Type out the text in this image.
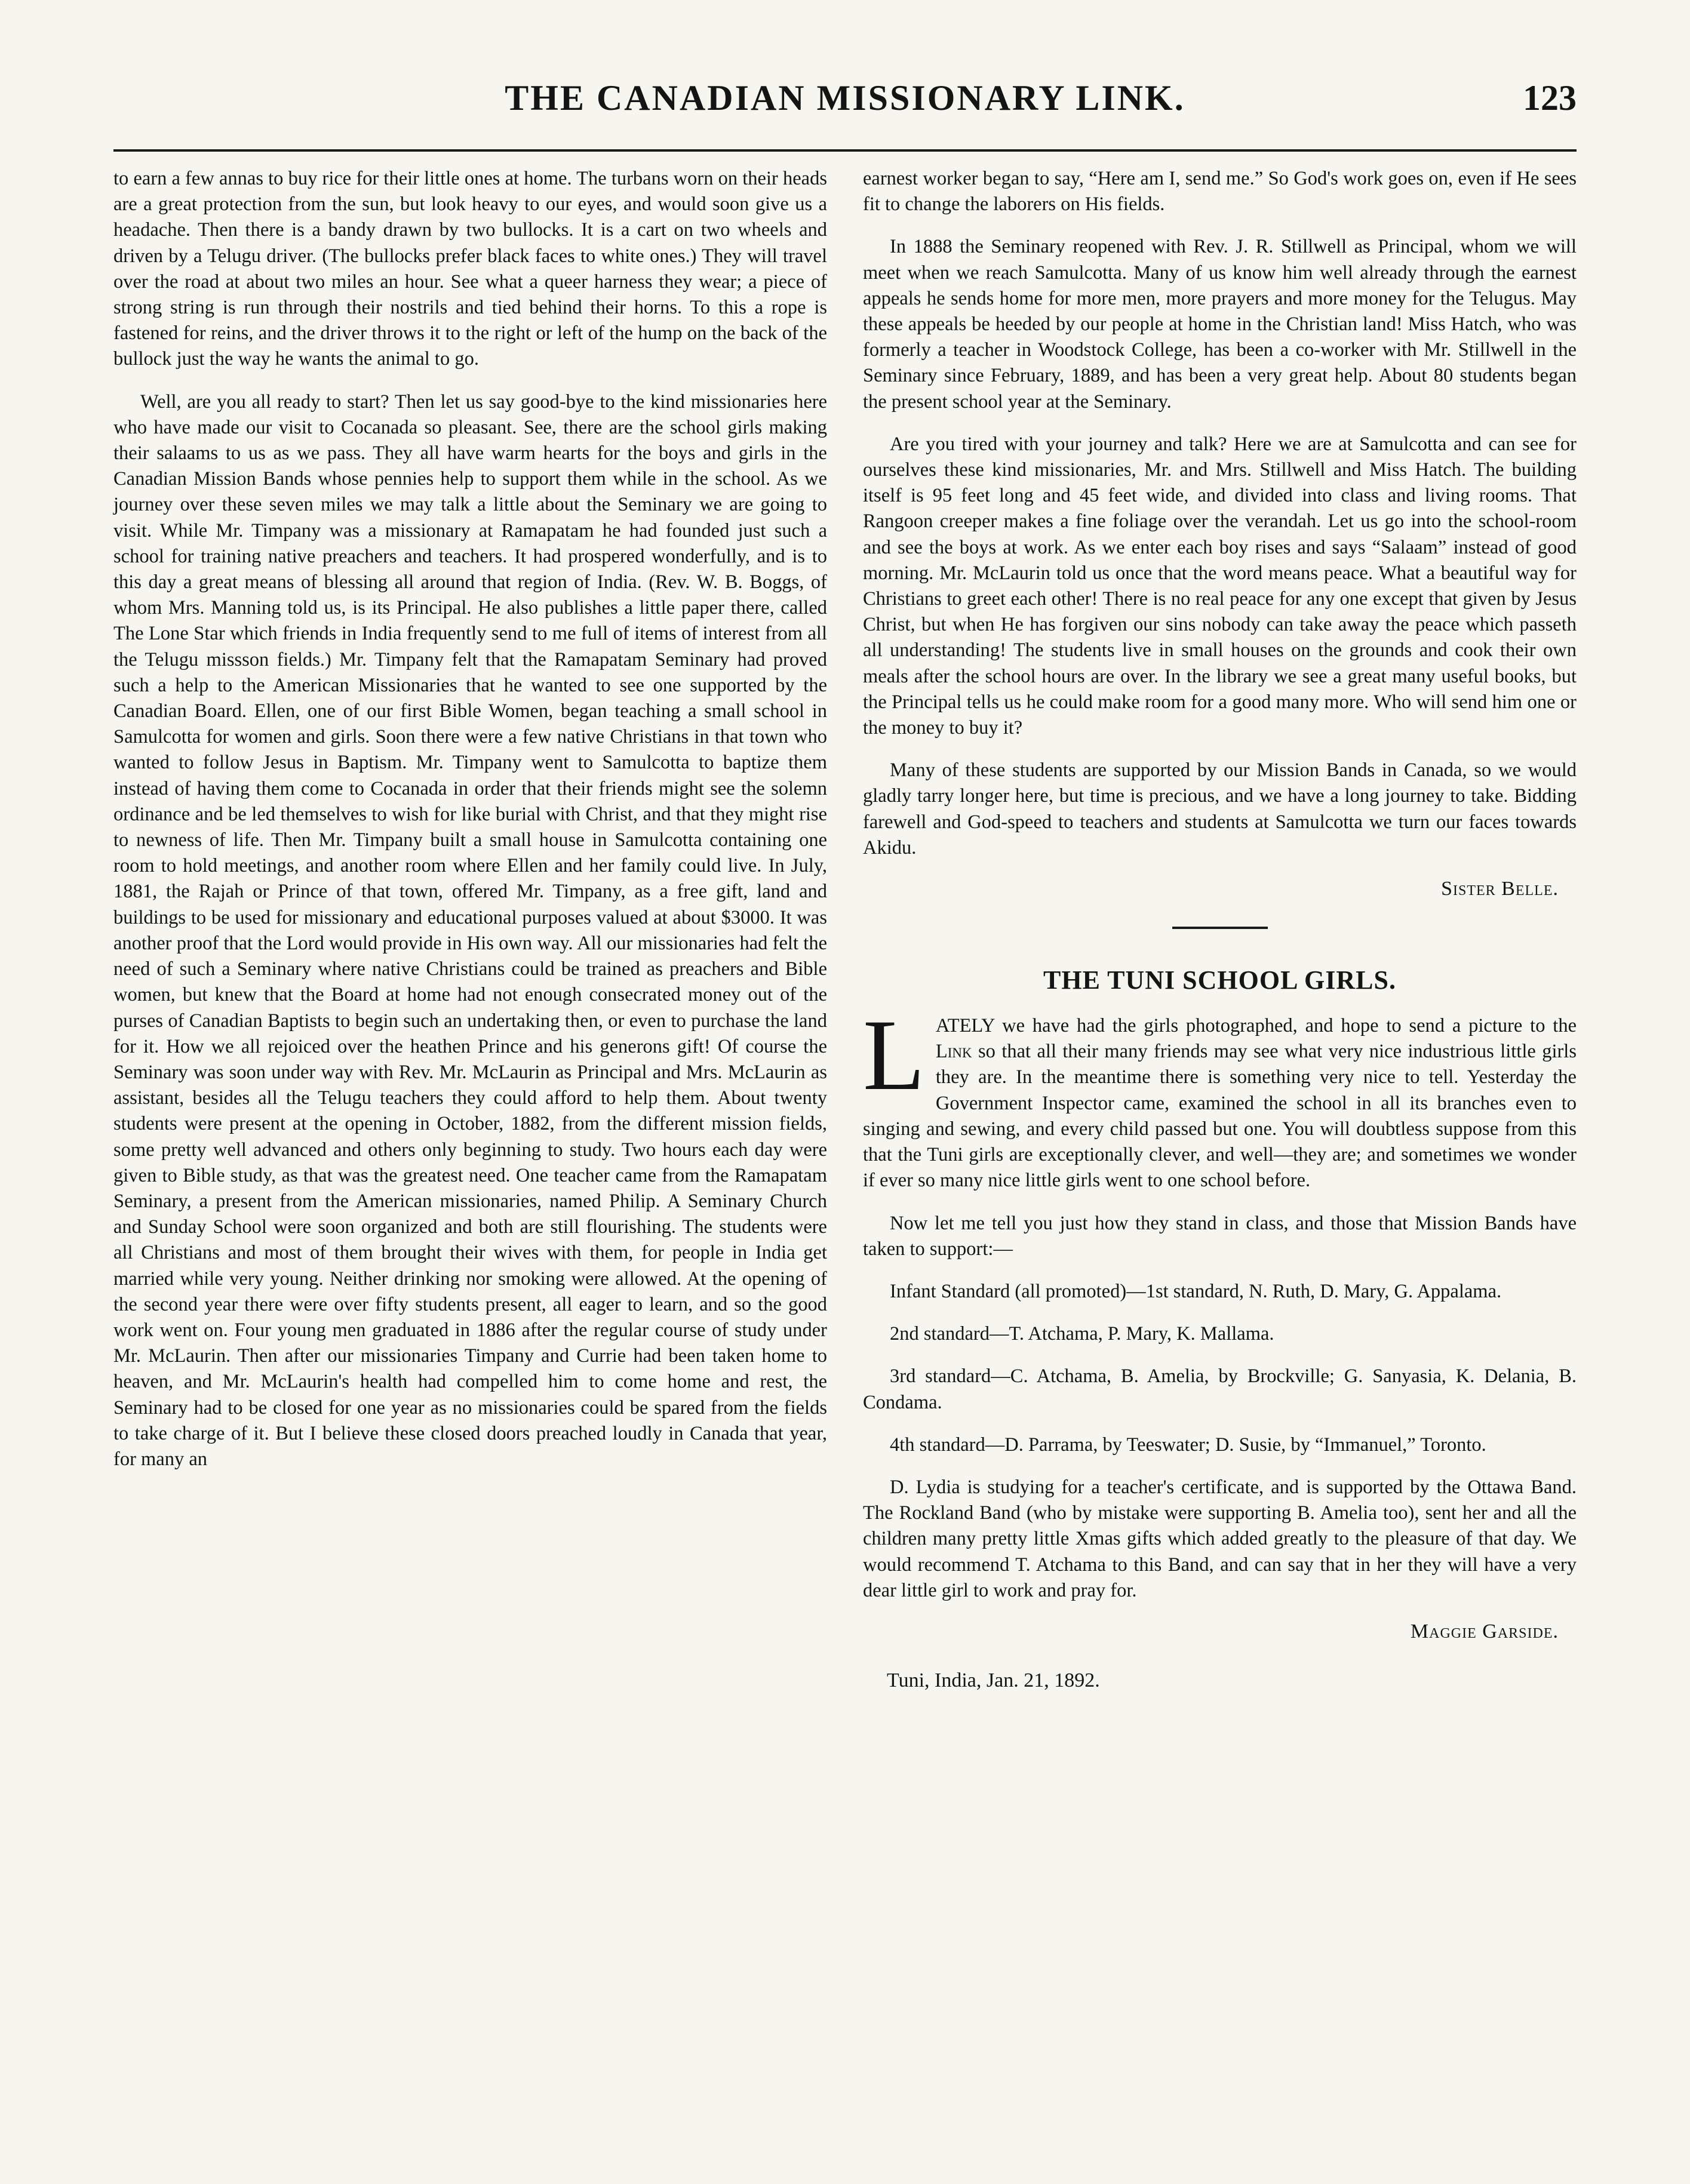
THE CANADIAN MISSIONARY LINK.	123

to earn a few annas to buy rice for their little ones at home. The turbans worn on their heads are a great protection from the sun, but look heavy to our eyes, and would soon give us a headache. Then there is a bandy drawn by two bullocks. It is a cart on two wheels and driven by a Telugu driver. (The bullocks prefer black faces to white ones.) They will travel over the road at about two miles an hour. See what a queer harness they wear; a piece of strong string is run through their nostrils and tied behind their horns. To this a rope is fastened for reins, and the driver throws it to the right or left of the hump on the back of the bullock just the way he wants the animal to go.

Well, are you all ready to start? Then let us say good-bye to the kind missionaries here who have made our visit to Cocanada so pleasant. See, there are the school girls making their salaams to us as we pass. They all have warm hearts for the boys and girls in the Canadian Mission Bands whose pennies help to support them while in the school. As we journey over these seven miles we may talk a little about the Seminary we are going to visit. While Mr. Timpany was a missionary at Ramapatam he had founded just such a school for training native preachers and teachers. It had prospered wonderfully, and is to this day a great means of blessing all around that region of India. (Rev. W. B. Boggs, of whom Mrs. Manning told us, is its Principal. He also publishes a little paper there, called The Lone Star which friends in India frequently send to me full of items of interest from all the Telugu missson fields.) Mr. Timpany felt that the Ramapatam Seminary had proved such a help to the American Missionaries that he wanted to see one supported by the Canadian Board. Ellen, one of our first Bible Women, began teaching a small school in Samulcotta for women and girls. Soon there were a few native Christians in that town who wanted to follow Jesus in Baptism. Mr. Timpany went to Samulcotta to baptize them instead of having them come to Cocanada in order that their friends might see the solemn ordinance and be led themselves to wish for like burial with Christ, and that they might rise to newness of life. Then Mr. Timpany built a small house in Samulcotta containing one room to hold meetings, and another room where Ellen and her family could live. In July, 1881, the Rajah or Prince of that town, offered Mr. Timpany, as a free gift, land and buildings to be used for missionary and educational purposes valued at about $3000. It was another proof that the Lord would provide in His own way. All our missionaries had felt the need of such a Seminary where native Christians could be trained as preachers and Bible women, but knew that the Board at home had not enough consecrated money out of the purses of Canadian Baptists to begin such an undertaking then, or even to purchase the land for it. How we all rejoiced over the heathen Prince and his generons gift! Of course the Seminary was soon under way with Rev. Mr. McLaurin as Principal and Mrs. McLaurin as assistant, besides all the Telugu teachers they could afford to help them. About twenty students were present at the opening in October, 1882, from the different mission fields, some pretty well advanced and others only beginning to study. Two hours each day were given to Bible study, as that was the greatest need. One teacher came from the Ramapatam Seminary, a present from the American missionaries, named Philip. A Seminary Church and Sunday School were soon organized and both are still flourishing. The students were all Christians and most of them brought their wives with them, for people in India get married while very young. Neither drinking nor smoking were allowed. At the opening of the second year there were over fifty students present, all eager to learn, and so the good work went on. Four young men graduated in 1886 after the regular course of study under Mr. McLaurin. Then after our missionaries Timpany and Currie had been taken home to heaven, and Mr. McLaurin's health had compelled him to come home and rest, the Seminary had to be closed for one year as no missionaries could be spared from the fields to take charge of it. But I believe these closed doors preached loudly in Canada that year, for many an

earnest worker began to say, “Here am I, send me.” So God's work goes on, even if He sees fit to change the laborers on His fields.

In 1888 the Seminary reopened with Rev. J. R. Stillwell as Principal, whom we will meet when we reach Samulcotta. Many of us know him well already through the earnest appeals he sends home for more men, more prayers and more money for the Telugus. May these appeals be heeded by our people at home in the Christian land! Miss Hatch, who was formerly a teacher in Woodstock College, has been a co-worker with Mr. Stillwell in the Seminary since February, 1889, and has been a very great help. About 80 students began the present school year at the Seminary.

Are you tired with your journey and talk? Here we are at Samulcotta and can see for ourselves these kind missionaries, Mr. and Mrs. Stillwell and Miss Hatch. The building itself is 95 feet long and 45 feet wide, and divided into class and living rooms. That Rangoon creeper makes a fine foliage over the verandah. Let us go into the school-room and see the boys at work. As we enter each boy rises and says “Salaam” instead of good morning. Mr. McLaurin told us once that the word means peace. What a beautiful way for Christians to greet each other! There is no real peace for any one except that given by Jesus Christ, but when He has forgiven our sins nobody can take away the peace which passeth all understanding! The students live in small houses on the grounds and cook their own meals after the school hours are over. In the library we see a great many useful books, but the Principal tells us he could make room for a good many more. Who will send him one or the money to buy it?

Many of these students are supported by our Mission Bands in Canada, so we would gladly tarry longer here, but time is precious, and we have a long journey to take. Bidding farewell and God-speed to teachers and students at Samulcotta we turn our faces towards Akidu.

Sister Belle.
THE TUNI SCHOOL GIRLS.

LATELY we have had the girls photographed, and hope to send a picture to the Link so that all their many friends may see what very nice industrious little girls they are. In the meantime there is something very nice to tell. Yesterday the Government Inspector came, examined the school in all its branches even to singing and sewing, and every child passed but one. You will doubtless suppose from this that the Tuni girls are exceptionally clever, and well—they are; and sometimes we wonder if ever so many nice little girls went to one school before.

Now let me tell you just how they stand in class, and those that Mission Bands have taken to support:—

Infant Standard (all promoted)—1st standard, N. Ruth, D. Mary, G. Appalama.

2nd standard—T. Atchama, P. Mary, K. Mallama.

3rd standard—C. Atchama, B. Amelia, by Brockville; G. Sanyasia, K. Delania, B. Condama.

4th standard—D. Parrama, by Teeswater; D. Susie, by “Immanuel,” Toronto.

D. Lydia is studying for a teacher's certificate, and is supported by the Ottawa Band. The Rockland Band (who by mistake were supporting B. Amelia too), sent her and all the children many pretty little Xmas gifts which added greatly to the pleasure of that day. We would recommend T. Atchama to this Band, and can say that in her they will have a very dear little girl to work and pray for.

Maggie Garside.
Tuni, India, Jan. 21, 1892.
